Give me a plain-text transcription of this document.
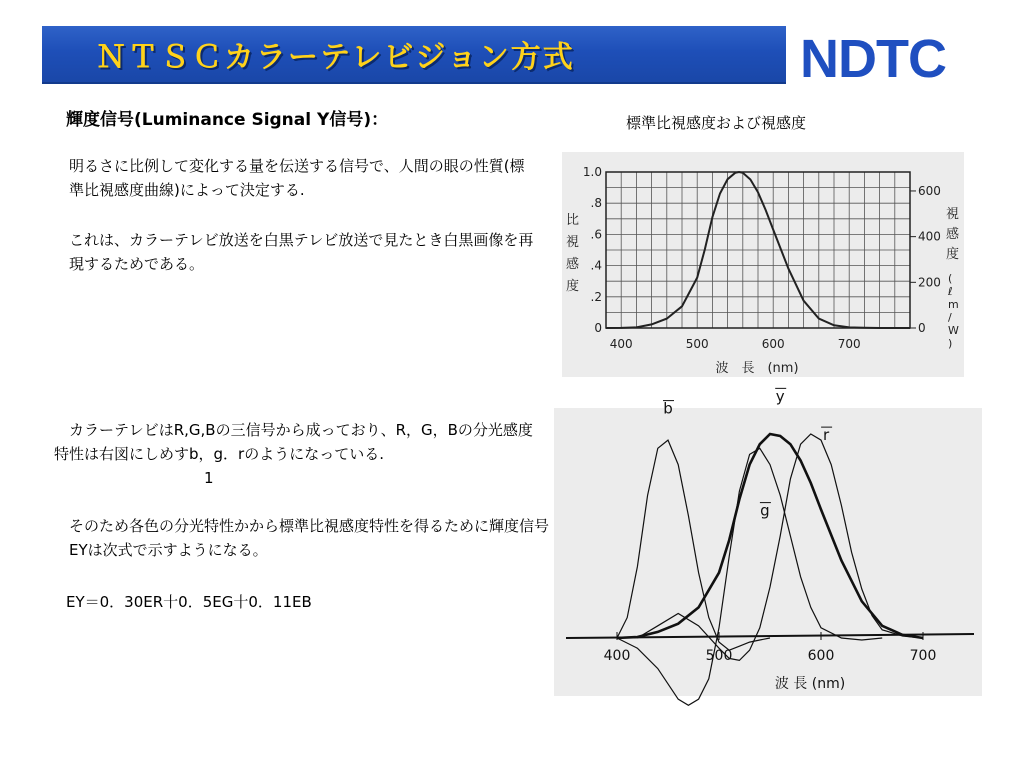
ＮＴＳＣカラーテレビジョン方式	NDTC
輝度信号(Luminance Signal Y信号)：	標準比視感度および視感度

明るさに比例して変化する量を伝送する信号で、人間の眼の性質(標準比視感度曲線)によって決定する.

これは、カラーテレビ放送を白黒テレビ放送で見たとき白黒画像を再現するためである。

カラーテレビはR,G,Bの三信号から成っており、R，G，Bの分光感度特性は右図にしめすb，g．rのようになっている.1

そのため各色の分光特性かから標準比視感度特性を得るために輝度信号EYは次式で示すようになる。

EY＝0．30ER十0．5EG十0．11EB

400	500	600	700
0
.2
.4
.6
.8
1.0
0
200
400
600
比視感度
視感度
( ℓ m / W )
波　長　(nm)
400	500	600	700
b
g
y
r
波 長 (nm)
